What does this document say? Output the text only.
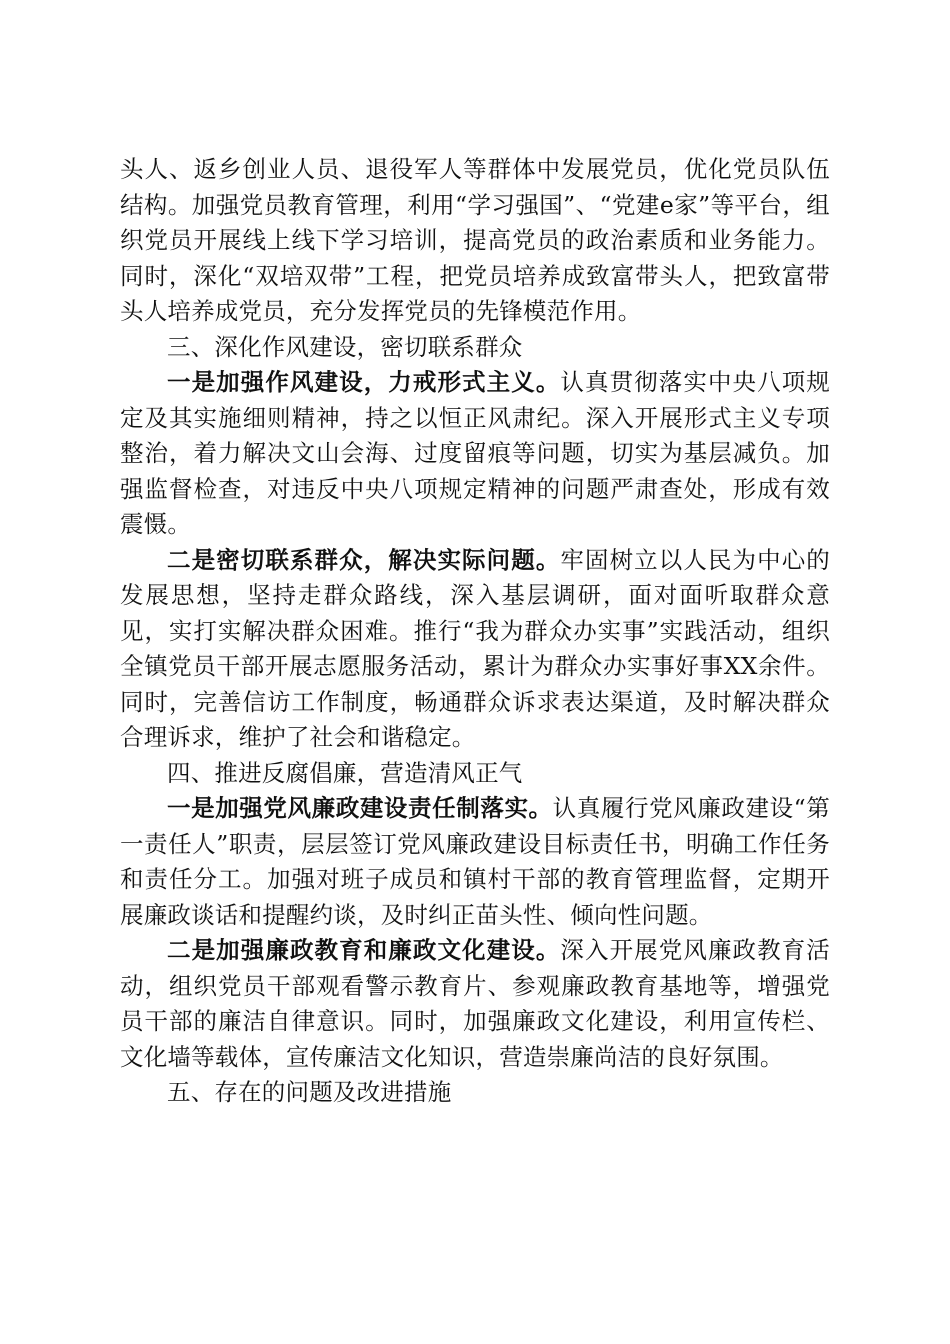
头人、返乡创业人员、退役军人等群体中发展党员，优化党员队伍结构。加强党员教育管理，利用“学习强国”、“党建e家”等平台，组织党员开展线上线下学习培训，提高党员的政治素质和业务能力。同时，深化“双培双带”工程，把党员培养成致富带头人，把致富带头人培养成党员，充分发挥党员的先锋模范作用。

三、深化作风建设，密切联系群众

一是加强作风建设，力戒形式主义。认真贯彻落实中央八项规定及其实施细则精神，持之以恒正风肃纪。深入开展形式主义专项整治，着力解决文山会海、过度留痕等问题，切实为基层减负。加强监督检查，对违反中央八项规定精神的问题严肃查处，形成有效震慑。

二是密切联系群众，解决实际问题。牢固树立以人民为中心的发展思想，坚持走群众路线，深入基层调研，面对面听取群众意见，实打实解决群众困难。推行“我为群众办实事”实践活动，组织全镇党员干部开展志愿服务活动，累计为群众办实事好事XX余件。同时，完善信访工作制度，畅通群众诉求表达渠道，及时解决群众合理诉求，维护了社会和谐稳定。

四、推进反腐倡廉，营造清风正气

一是加强党风廉政建设责任制落实。认真履行党风廉政建设“第一责任人”职责，层层签订党风廉政建设目标责任书，明确工作任务和责任分工。加强对班子成员和镇村干部的教育管理监督，定期开展廉政谈话和提醒约谈，及时纠正苗头性、倾向性问题。

二是加强廉政教育和廉政文化建设。深入开展党风廉政教育活动，组织党员干部观看警示教育片、参观廉政教育基地等，增强党员干部的廉洁自律意识。同时，加强廉政文化建设，利用宣传栏、文化墙等载体，宣传廉洁文化知识，营造崇廉尚洁的良好氛围。

五、存在的问题及改进措施
